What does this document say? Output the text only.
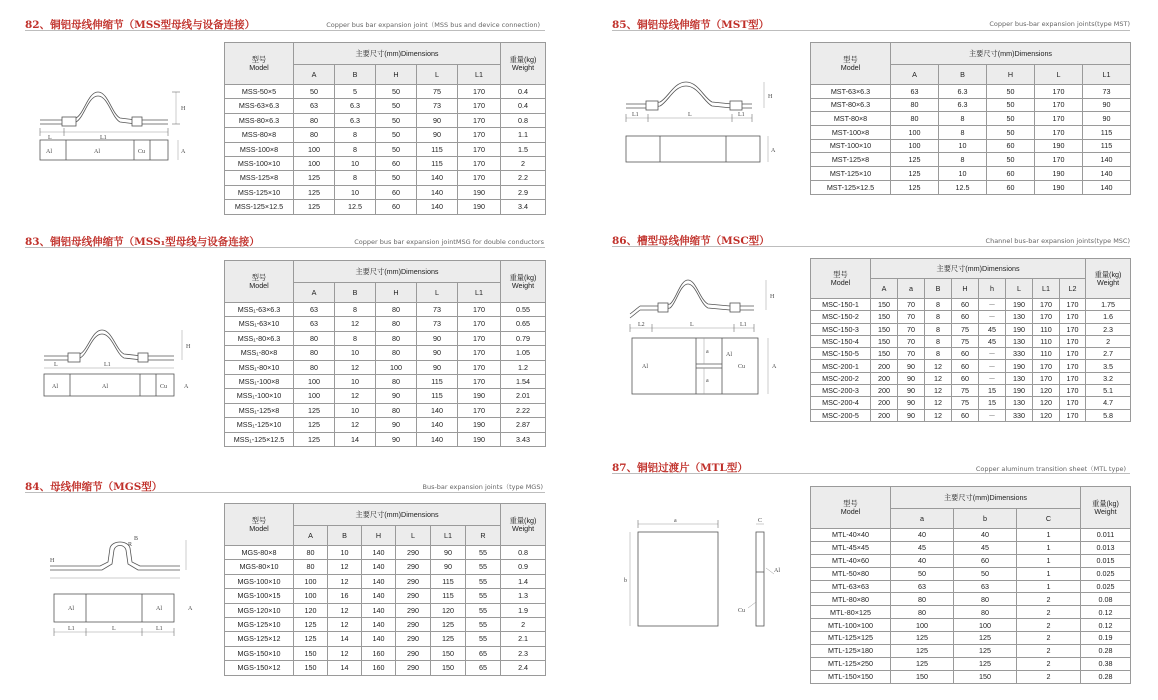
82、铜铝母线伸缩节（MSS型母线与设备连接）	Copper bus bar expansion joint（MSS bus and device connection)
H
L	L1
Al	Al	Cu	A
型号
Model	主要尺寸(mm)Dimensions					重量(kg)
Weight

	A	B	H	L	L1	
MSS-50×5	50	5	50	75	170	0.4
MSS-63×6.3	63	6.3	50	73	170	0.4
MSS-80×6.3	80	6.3	50	90	170	0.8
MSS-80×8	80	8	50	90	170	1.1
MSS-100×8	100	8	50	115	170	1.5
MSS-100×10	100	10	60	115	170	2
MSS-125×8	125	8	50	140	170	2.2
MSS-125×10	125	10	60	140	190	2.9
MSS-125×12.5	125	12.5	60	140	190	3.4
83、铜铝母线伸缩节（MSS₁型母线与设备连接）	Copper bus bar expansion jointMSG for double conductors
H
L	L1
Al	Al	Cu	A
型号
Model	主要尺寸(mm)Dimensions					重量(kg)
Weight

	A	B	H	L	L1	
MSS₁-63×6.3	63	8	80	73	170	0.55
MSS₁-63×10	63	12	80	73	170	0.65
MSS₁-80×6.3	80	8	80	90	170	0.79
MSS₁-80×8	80	10	80	90	170	1.05
MSS₁-80×10	80	12	100	90	170	1.2
MSS₁-100×8	100	10	80	115	170	1.54
MSS₁-100×10	100	12	90	115	190	2.01
MSS₁-125×8	125	10	80	140	170	2.22
MSS₁-125×10	125	12	90	140	190	2.87
MSS₁-125×12.5	125	14	90	140	190	3.43
84、母线伸缩节（MGS型）	Bus-bar expansion joints（type MGS)
H
R
B
Al	Al	A
L1	L	L1
型号
Model	主要尺寸(mm)Dimensions						重量(kg)
Weight

	A	B	H	L	L1	R	
MGS-80×8	80	10	140	290	90	55	0.8
MGS-80×10	80	12	140	290	90	55	0.9
MGS-100×10	100	12	140	290	115	55	1.4
MGS-100×15	100	16	140	290	115	55	1.3
MGS-120×10	120	12	140	290	120	55	1.9
MGS-125×10	125	12	140	290	125	55	2
MGS-125×12	125	14	140	290	125	55	2.1
MGS-150×10	150	12	160	290	150	65	2.3
MGS-150×12	150	14	160	290	150	65	2.4
85、铜铝母线伸缩节（MST型）	Copper bus-bar expansion joints(type MST)
H
L1	L	L1
A
型号
Model	主要尺寸(mm)Dimensions				
	A	B	H	L	L1
MST-63×6.3	63	6.3	50	170	73
MST-80×6.3	80	6.3	50	170	90
MST-80×8	80	8	50	170	90
MST-100×8	100	8	50	170	115
MST-100×10	100	10	60	190	115
MST-125×8	125	8	50	170	140
MST-125×10	125	10	60	190	140
MST-125×12.5	125	12.5	60	190	140
86、槽型母线伸缩节（MSC型）	Channel bus-bar expansion joints(type MSC)
H
L2	L	L1
Al
Al
Cu	A
a
a
型号
Model	主要尺寸(mm)Dimensions								重量(kg)
Weight

	A	a	B	H	h	L	L1	L2	
MSC-150-1	150	70	8	60	－	190	170	170	1.75
MSC-150-2	150	70	8	60	－	130	170	170	1.6
MSC-150-3	150	70	8	75	45	190	110	170	2.3
MSC-150-4	150	70	8	75	45	130	110	170	2
MSC-150-5	150	70	8	60	－	330	110	170	2.7
MSC-200-1	200	90	12	60	－	190	170	170	3.5
MSC-200-2	200	90	12	60	－	130	170	170	3.2
MSC-200-3	200	90	12	75	15	190	120	170	5.1
MSC-200-4	200	90	12	75	15	130	120	170	4.7
MSC-200-5	200	90	12	60	－	330	120	170	5.8
87、铜铝过渡片（MTL型）	Copper aluminum transition sheet（MTL type)
a
b
C
Al
Cu
型号
Model	主要尺寸(mm)Dimensions			重量(kg)
Weight

	a	b	C	
MTL-40×40	40	40	1	0.011
MTL-45×45	45	45	1	0.013
MTL-40×60	40	60	1	0.015
MTL-50×80	50	50	1	0.025
MTL-63×63	63	63	1	0.025
MTL-80×80	80	80	2	0.08
MTL-80×125	80	80	2	0.12
MTL-100×100	100	100	2	0.12
MTL-125×125	125	125	2	0.19
MTL-125×180	125	125	2	0.28
MTL-125×250	125	125	2	0.38
MTL-150×150	150	150	2	0.28
